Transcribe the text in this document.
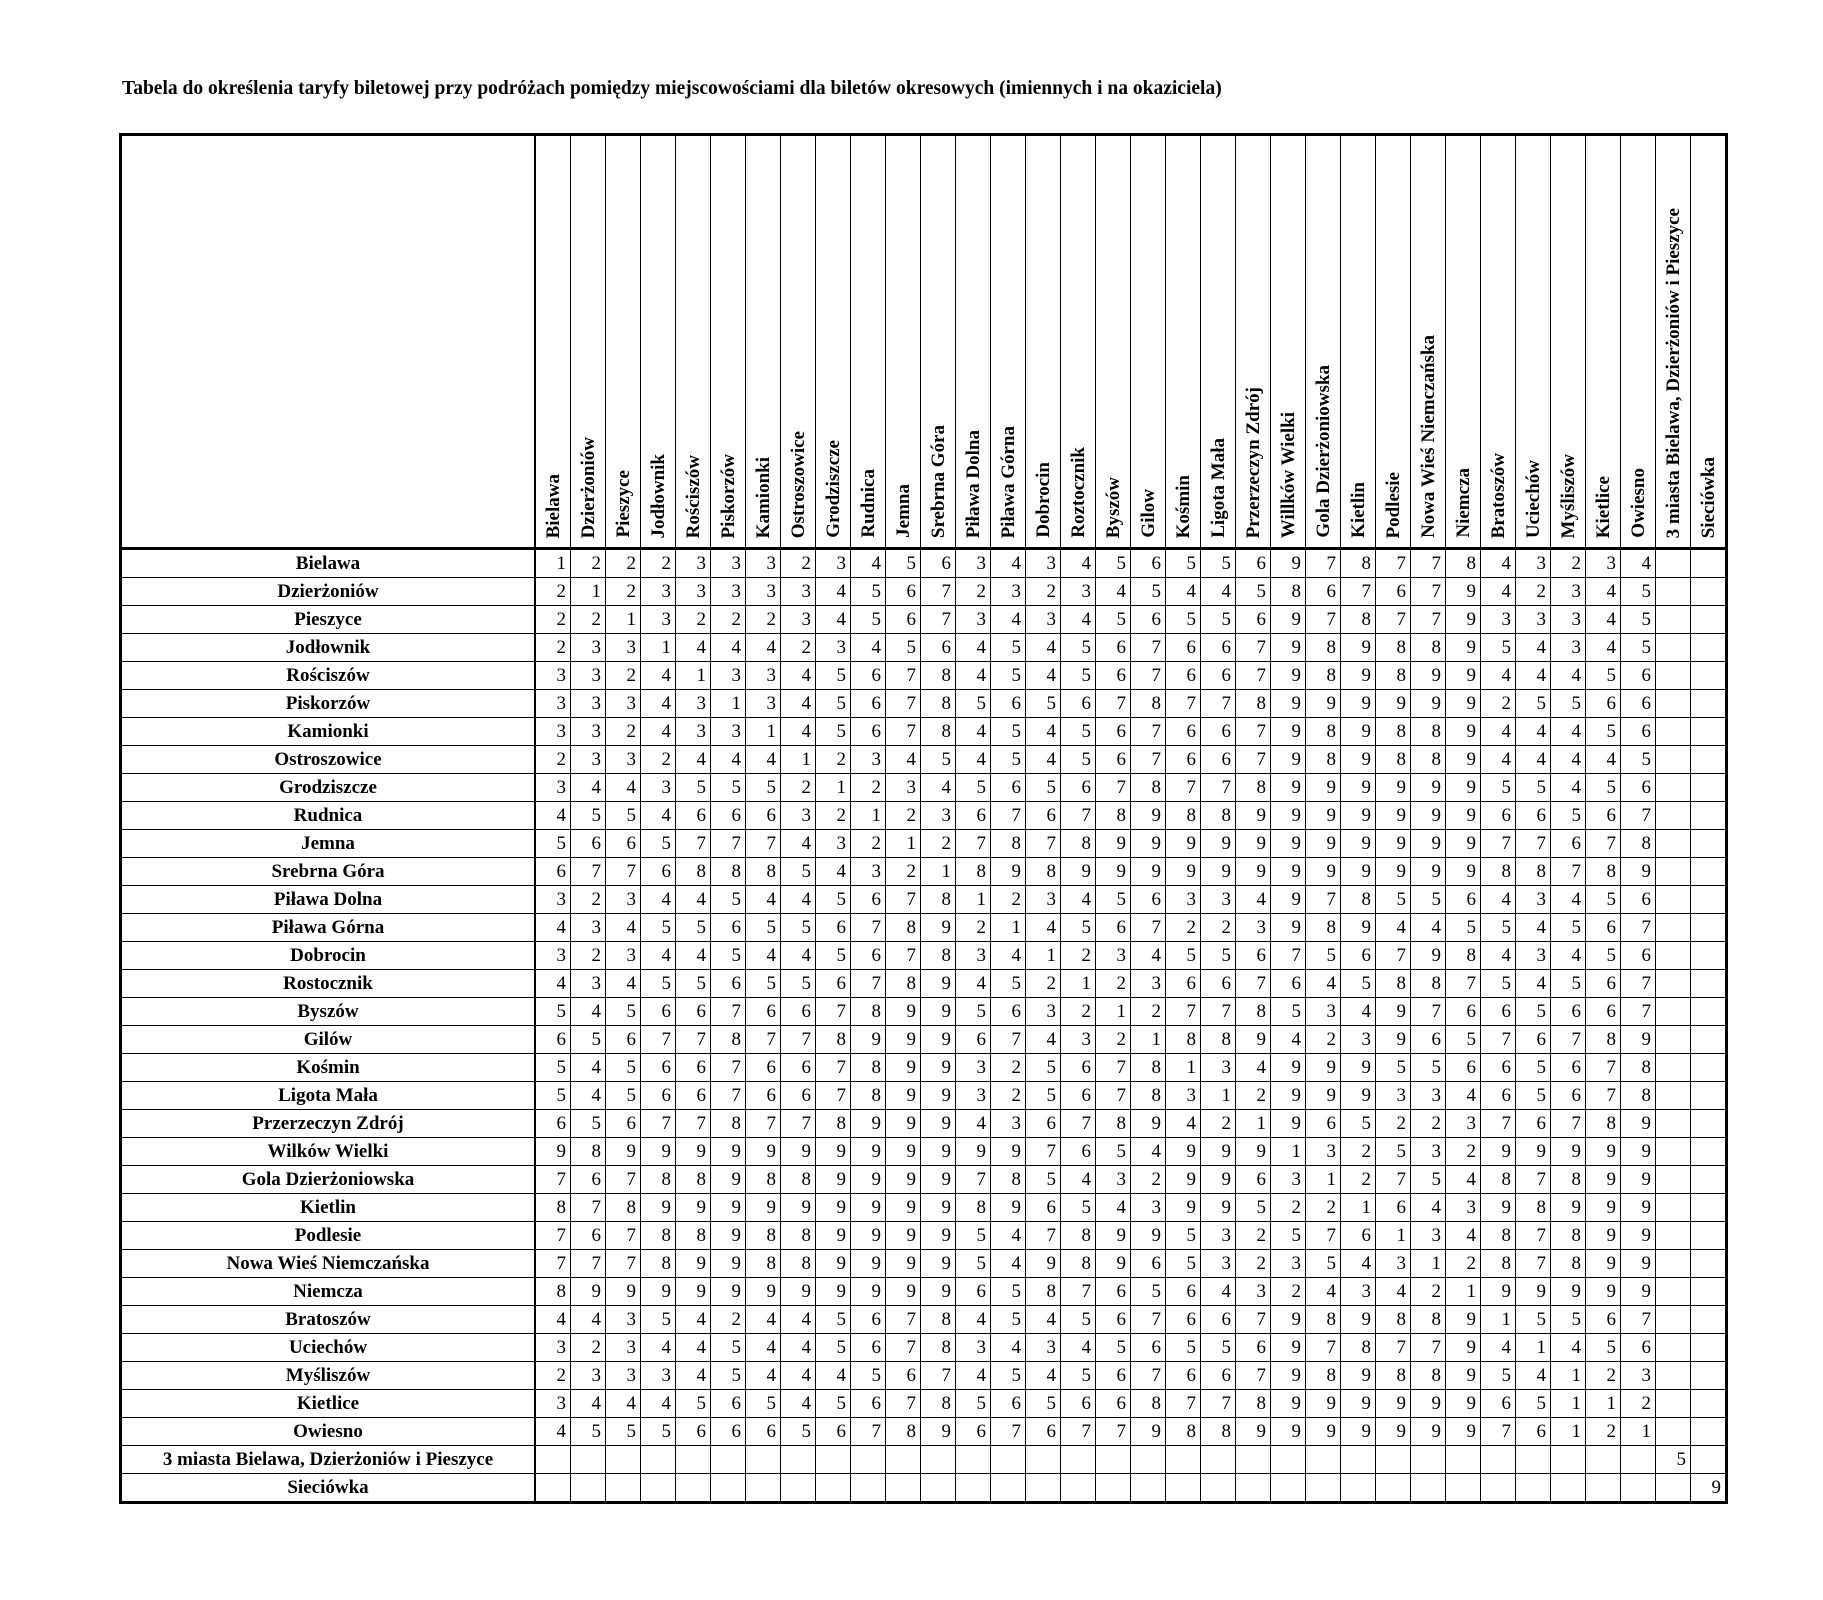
Tabela do określenia taryfy biletowej przy podróżach pomiędzy miejscowościami dla biletów okresowych (imiennych i na okaziciela)
	Bielawa	Dzierżoniów	Pieszyce	Jodłownik	Rościszów	Piskorzów	Kamionki	Ostroszowice	Grodziszcze	Rudnica	Jemna	Srebrna Góra	Piława Dolna	Piława Górna	Dobrocin	Roztocznik	Byszów	Gilow	Kośmin	Ligota Mała	Przerzeczyn Zdrój	Willków Wielki	Gola Dzierżoniowska	Kietlin	Podlesie	Nowa Wieś Niemczańska	Niemcza	Bratoszów	Uciechów	Myśliszów	Kietlice	Owiesno	3 miasta Bielawa, Dzierżoniów i Pieszyce	Sieciówka
Bielawa	1	2	2	2	3	3	3	2	3	4	5	6	3	4	3	4	5	6	5	5	6	9	7	8	7	7	8	4	3	2	3	4		
Dzierżoniów	2	1	2	3	3	3	3	3	4	5	6	7	2	3	2	3	4	5	4	4	5	8	6	7	6	7	9	4	2	3	4	5		
Pieszyce	2	2	1	3	2	2	2	3	4	5	6	7	3	4	3	4	5	6	5	5	6	9	7	8	7	7	9	3	3	3	4	5		
Jodłownik	2	3	3	1	4	4	4	2	3	4	5	6	4	5	4	5	6	7	6	6	7	9	8	9	8	8	9	5	4	3	4	5		
Rościszów	3	3	2	4	1	3	3	4	5	6	7	8	4	5	4	5	6	7	6	6	7	9	8	9	8	9	9	4	4	4	5	6		
Piskorzów	3	3	3	4	3	1	3	4	5	6	7	8	5	6	5	6	7	8	7	7	8	9	9	9	9	9	9	2	5	5	6	6		
Kamionki	3	3	2	4	3	3	1	4	5	6	7	8	4	5	4	5	6	7	6	6	7	9	8	9	8	8	9	4	4	4	5	6		
Ostroszowice	2	3	3	2	4	4	4	1	2	3	4	5	4	5	4	5	6	7	6	6	7	9	8	9	8	8	9	4	4	4	4	5		
Grodziszcze	3	4	4	3	5	5	5	2	1	2	3	4	5	6	5	6	7	8	7	7	8	9	9	9	9	9	9	5	5	4	5	6		
Rudnica	4	5	5	4	6	6	6	3	2	1	2	3	6	7	6	7	8	9	8	8	9	9	9	9	9	9	9	6	6	5	6	7		
Jemna	5	6	6	5	7	7	7	4	3	2	1	2	7	8	7	8	9	9	9	9	9	9	9	9	9	9	9	7	7	6	7	8		
Srebrna Góra	6	7	7	6	8	8	8	5	4	3	2	1	8	9	8	9	9	9	9	9	9	9	9	9	9	9	9	8	8	7	8	9		
Piława Dolna	3	2	3	4	4	5	4	4	5	6	7	8	1	2	3	4	5	6	3	3	4	9	7	8	5	5	6	4	3	4	5	6		
Piława Górna	4	3	4	5	5	6	5	5	6	7	8	9	2	1	4	5	6	7	2	2	3	9	8	9	4	4	5	5	4	5	6	7		
Dobrocin	3	2	3	4	4	5	4	4	5	6	7	8	3	4	1	2	3	4	5	5	6	7	5	6	7	9	8	4	3	4	5	6		
Rostocznik	4	3	4	5	5	6	5	5	6	7	8	9	4	5	2	1	2	3	6	6	7	6	4	5	8	8	7	5	4	5	6	7		
Byszów	5	4	5	6	6	7	6	6	7	8	9	9	5	6	3	2	1	2	7	7	8	5	3	4	9	7	6	6	5	6	6	7		
Gilów	6	5	6	7	7	8	7	7	8	9	9	9	6	7	4	3	2	1	8	8	9	4	2	3	9	6	5	7	6	7	8	9		
Kośmin	5	4	5	6	6	7	6	6	7	8	9	9	3	2	5	6	7	8	1	3	4	9	9	9	5	5	6	6	5	6	7	8		
Ligota Mała	5	4	5	6	6	7	6	6	7	8	9	9	3	2	5	6	7	8	3	1	2	9	9	9	3	3	4	6	5	6	7	8		
Przerzeczyn Zdrój	6	5	6	7	7	8	7	7	8	9	9	9	4	3	6	7	8	9	4	2	1	9	6	5	2	2	3	7	6	7	8	9		
Wilków Wielki	9	8	9	9	9	9	9	9	9	9	9	9	9	9	7	6	5	4	9	9	9	1	3	2	5	3	2	9	9	9	9	9		
Gola Dzierżoniowska	7	6	7	8	8	9	8	8	9	9	9	9	7	8	5	4	3	2	9	9	6	3	1	2	7	5	4	8	7	8	9	9		
Kietlin	8	7	8	9	9	9	9	9	9	9	9	9	8	9	6	5	4	3	9	9	5	2	2	1	6	4	3	9	8	9	9	9		
Podlesie	7	6	7	8	8	9	8	8	9	9	9	9	5	4	7	8	9	9	5	3	2	5	7	6	1	3	4	8	7	8	9	9		
Nowa Wieś Niemczańska	7	7	7	8	9	9	8	8	9	9	9	9	5	4	9	8	9	6	5	3	2	3	5	4	3	1	2	8	7	8	9	9		
Niemcza	8	9	9	9	9	9	9	9	9	9	9	9	6	5	8	7	6	5	6	4	3	2	4	3	4	2	1	9	9	9	9	9		
Bratoszów	4	4	3	5	4	2	4	4	5	6	7	8	4	5	4	5	6	7	6	6	7	9	8	9	8	8	9	1	5	5	6	7		
Uciechów	3	2	3	4	4	5	4	4	5	6	7	8	3	4	3	4	5	6	5	5	6	9	7	8	7	7	9	4	1	4	5	6		
Myśliszów	2	3	3	3	4	5	4	4	4	5	6	7	4	5	4	5	6	7	6	6	7	9	8	9	8	8	9	5	4	1	2	3		
Kietlice	3	4	4	4	5	6	5	4	5	6	7	8	5	6	5	6	6	8	7	7	8	9	9	9	9	9	9	6	5	1	1	2		
Owiesno	4	5	5	5	6	6	6	5	6	7	8	9	6	7	6	7	7	9	8	8	9	9	9	9	9	9	9	7	6	1	2	1		
3 miasta Bielawa, Dzierżoniów i Pieszyce																																	5	
Sieciówka																																		9
